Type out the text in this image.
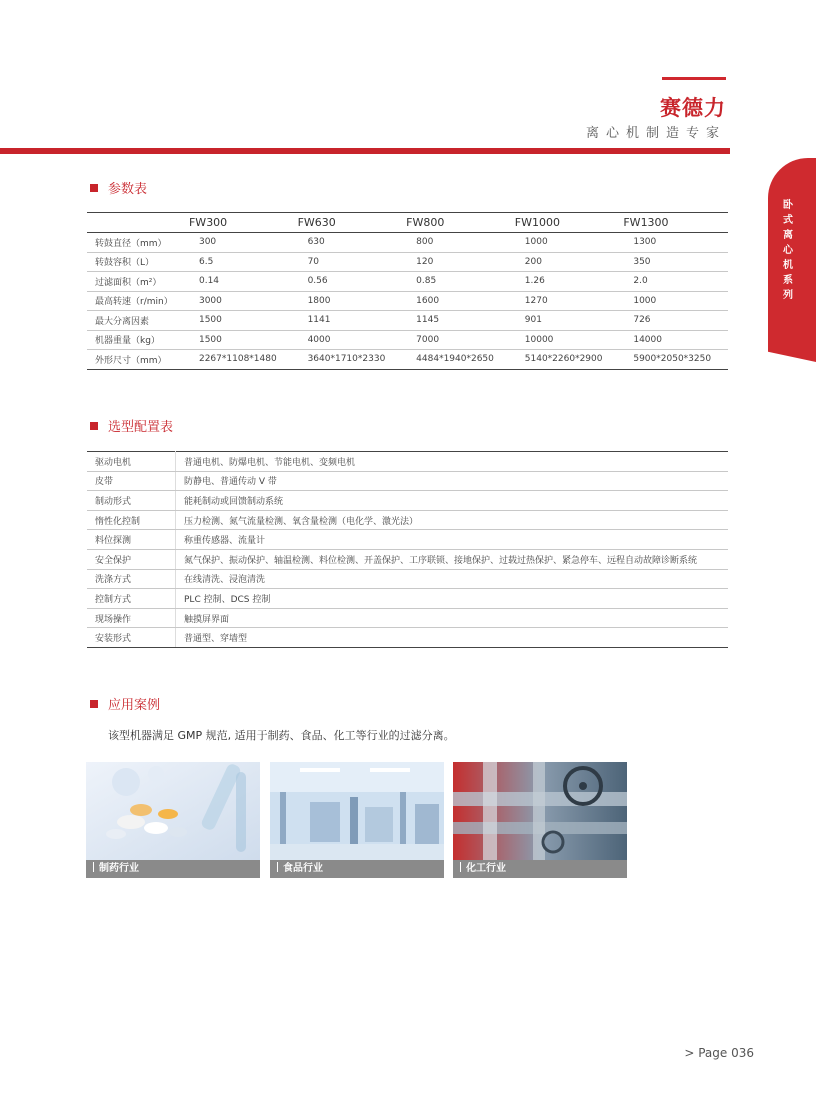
赛德力
离心机制造专家
卧式离心机系列
参数表
	FW300	FW630	FW800	FW1000	FW1300
转鼓直径（mm）	300	630	800	1000	1300
转鼓容积（L）	6.5	70	120	200	350
过滤面积（m²）	0.14	0.56	0.85	1.26	2.0
最高转速（r/min）	3000	1800	1600	1270	1000
最大分离因素	1500	1141	1145	901	726
机器重量（kg）	1500	4000	7000	10000	14000
外形尺寸（mm）	2267*1108*1480	3640*1710*2330	4484*1940*2650	5140*2260*2900	5900*2050*3250
选型配置表
驱动电机	普通电机、防爆电机、节能电机、变频电机
皮带	防静电、普通传动 V 带
制动形式	能耗制动或回馈制动系统
惰性化控制	压力检测、氮气流量检测、氧含量检测（电化学、激光法）
料位探测	称重传感器、流量计
安全保护	氮气保护、振动保护、轴温检测、料位检测、开盖保护、工序联锁、接地保护、过载过热保护、紧急停车、远程自动故障诊断系统
洗涤方式	在线清洗、浸泡清洗
控制方式	PLC 控制、DCS 控制
现场操作	触摸屏界面
安装形式	普通型、穿墙型
应用案例
该型机器满足 GMP 规范, 适用于制药、食品、化工等行业的过滤分离。
制药行业	食品行业	化工行业
> Page 036
